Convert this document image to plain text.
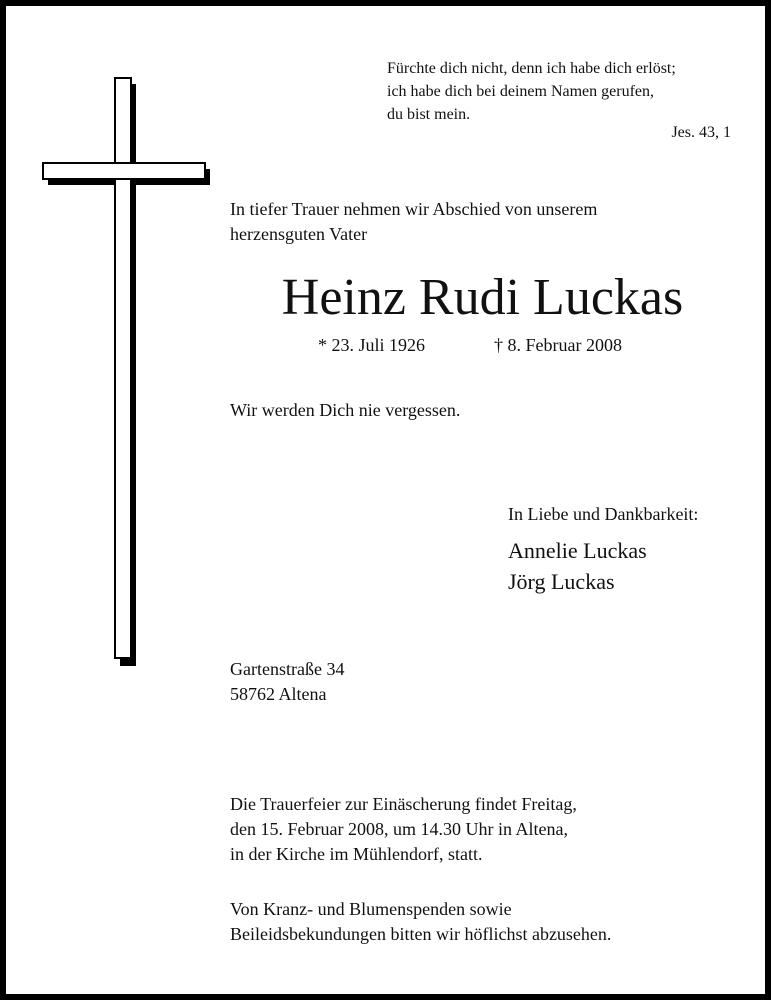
Fürchte dich nicht, denn ich habe dich erlöst;
ich habe dich bei deinem Namen gerufen,
du bist mein.
Jes. 43, 1
In tiefer Trauer nehmen wir Abschied von unserem
herzensguten Vater
Heinz Rudi Luckas
* 23. Juli 1926	† 8. Februar 2008
Wir werden Dich nie vergessen.
In Liebe und Dankbarkeit:
Annelie Luckas
Jörg Luckas
Gartenstraße 34
58762 Altena
Die Trauerfeier zur Einäscherung findet Freitag,
den 15. Februar 2008, um 14.30 Uhr in Altena,
in der Kirche im Mühlendorf, statt.
Von Kranz- und Blumenspenden sowie
Beileidsbekundungen bitten wir höflichst abzusehen.
